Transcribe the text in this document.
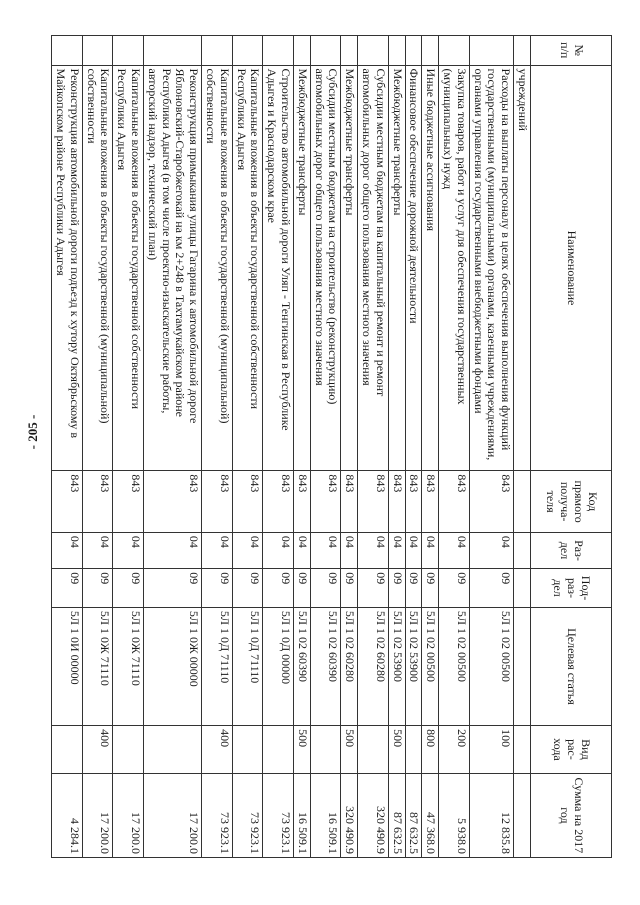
- 205 -
№ п/п	Наименование	Код прямого получа-теля	Раз-дел	Под-раз-дел	Целевая статья	Вид рас-хода	Сумма на 2017 год
	учреждений						
	Расходы на выплаты персоналу в целях обеспечения выполнения функций государственными (муниципальными) органами, казенными учреждениями, органами управления государственными внебюджетными фондами	843	04	09	5Л 1 02 00500	100	12 835.8
	Закупка товаров, работ и услуг для обеспечения государственных (муниципальных) нужд	843	04	09	5Л 1 02 00500	200	5 938.0
	Иные бюджетные ассигнования	843	04	09	5Л 1 02 00500	800	47 368.0
	Финансовое обеспечение дорожной деятельности	843	04	09	5Л 1 02 53900		87 632.5
	Межбюджетные трансферты	843	04	09	5Л 1 02 53900	500	87 632.5
	Субсидии местным бюджетам на капитальный ремонт и ремонт автомобильных дорог общего пользования местного значения	843	04	09	5Л 1 02 60280		320 490.9
	Межбюджетные трансферты	843	04	09	5Л 1 02 60280	500	320 490.9
	Субсидии местным бюджетам на строительство (реконструкцию) автомобильных дорог общего пользования местного значения	843	04	09	5Л 1 02 60390		16 509.1
	Межбюджетные трансферты	843	04	09	5Л 1 02 60390	500	16 509.1
	Строительство автомобильной дороги Уляп - Тенгинская в Республике Адыгея и Краснодарском крае	843	04	09	5Л 1 0Д 00000		73 923.1
	Капитальные вложения в объекты государственной собственности Республики Адыгея	843	04	09	5Л 1 0Д 71110		73 923.1
	Капитальные вложения в объекты государственной (муниципальной) собственности	843	04	09	5Л 1 0Д 71110	400	73 923.1
	Реконструкция примыкания улицы Гагарина к автомобильной дороге Яблоновский-Старобжегокай на км 2+248 в Тахтамукайском районе Республики Адыгея (в том числе проектно-изыскательские работы, авторский надзор, технический план)	843	04	09	5Л 1 0Ж 00000		17 200.0
	Капитальные вложения в объекты государственной собственности Республики Адыгея	843	04	09	5Л 1 0Ж 71110		17 200.0
	Капитальные вложения в объекты государственной (муниципальной) собственности	843	04	09	5Л 1 0Ж 71110	400	17 200.0
	Реконструкция автомобильной дороги подъезд к хутору Октябрьскому в Майкопском районе Республики Адыгея	843	04	09	5Л 1 0И 00000		4 284.1
